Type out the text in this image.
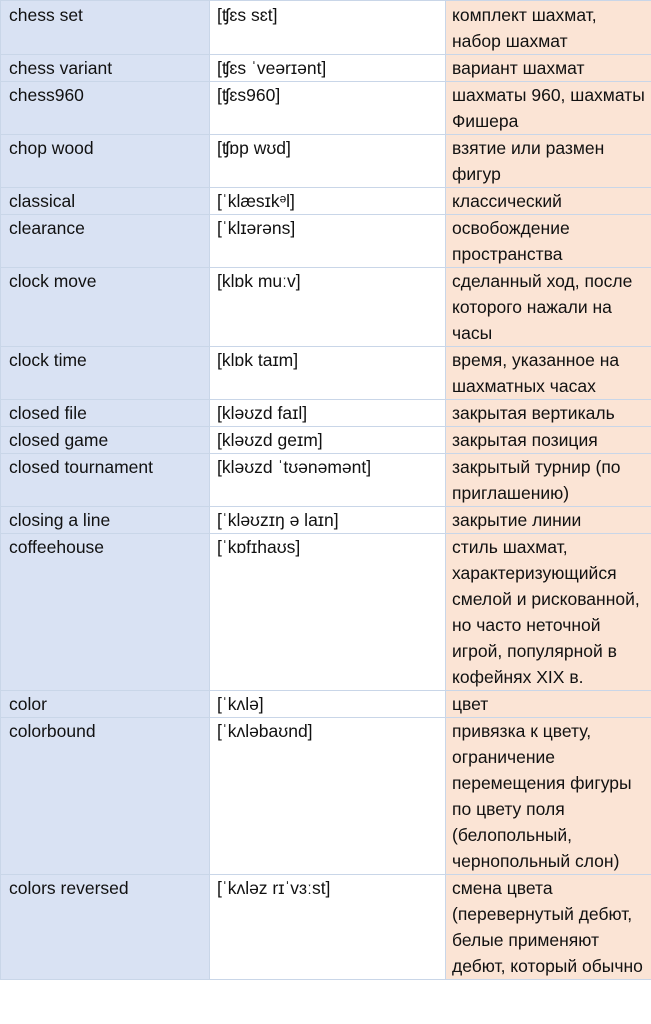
chess set	[ʧɛs sɛt]	комплект шахмат, набор шахмат
chess variant	[ʧɛs ˈveərɪənt]	вариант шахмат
chess960	[ʧɛs960]	шахматы 960, шахматы Фишера
chop wood	[ʧɒp wʊd]	взятие или размен фигур
classical	[ˈklæsɪkᵊl]	классический
clearance	[ˈklɪərəns]	освобождение пространства
clock move	[klɒk muːv]	сделанный ход, после которого нажали на часы
clock time	[klɒk taɪm]	время, указанное на шахматных часах
closed file	[kləʊzd faɪl]	закрытая вертикаль
closed game	[kləʊzd geɪm]	закрытая позиция
closed tournament	[kləʊzd ˈtʊənəmənt]	закрытый турнир (по приглашению)
closing a line	[ˈkləʊzɪŋ ə laɪn]	закрытие линии
coffeehouse	[ˈkɒfɪhaʊs]	стиль шахмат, характеризующийся смелой и рискованной, но часто неточной игрой, популярной в кофейнях XIX в.
color	[ˈkʌlə]	цвет
colorbound	[ˈkʌləbaʊnd]	привязка к цвету, ограничение перемещения фигуры по цвету поля (белопольный, чернопольный слон)
colors reversed	[ˈkʌləz rɪˈvɜːst]	смена цвета (перевернутый дебют, белые применяют дебют, который обычно
